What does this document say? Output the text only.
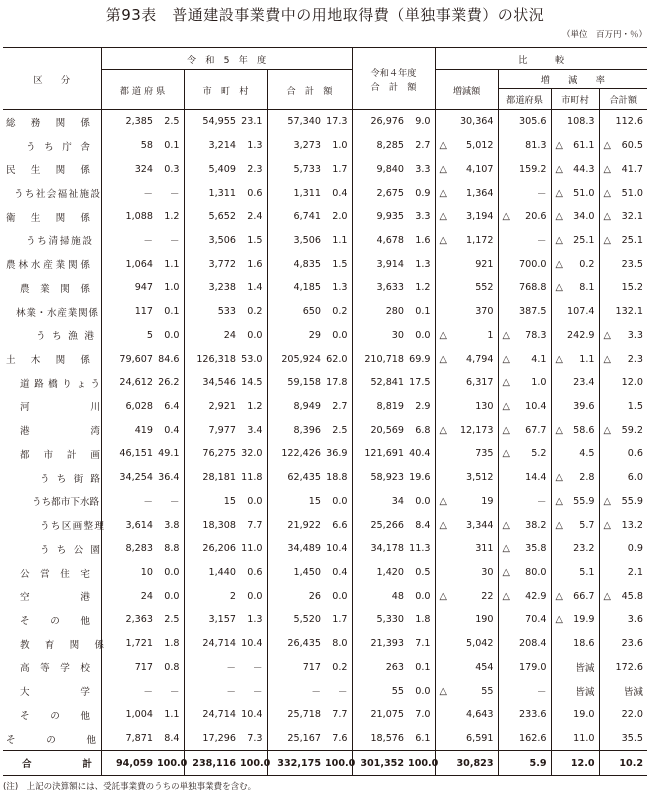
第93表　普通建設事業費中の用地取得費（単独事業費）の状況
（単位　百万円・％）
区　　分	令　和　5　年　度						令和４年度
合　計　額		比　　　較			
	都 道 府 県		市　町　村		合　計　額				増減額	増　　減　　率		
										都道府県	市町村	合計額
総　務　関　係	2,385	2.5	54,955	23.1	57,340	17.3	26,976	9.0	30,364	305.6	108.3	112.6
うち庁舎	58	0.1	3,214	1.3	3,273	1.0	8,285	2.7	△ 5,012	81.3	△ 61.1	△ 60.5
民　生　関　係	324	0.3	5,409	2.3	5,733	1.7	9,840	3.3	△ 4,107	159.2	△ 44.3	△ 41.7
うち社会福祉施設	－	－	1,311	0.6	1,311	0.4	2,675	0.9	△ 1,364	－	△ 51.0	△ 51.0
衛　生　関　係	1,088	1.2	5,652	2.4	6,741	2.0	9,935	3.3	△ 3,194	△ 20.6	△ 34.0	△ 32.1
うち清掃施設	－	－	3,506	1.5	3,506	1.1	4,678	1.6	△ 1,172	－	△ 25.1	△ 25.1
農林水産業関係	1,064	1.1	3,772	1.6	4,835	1.5	3,914	1.3	921	700.0	△ 0.2	23.5
農　業　関　係	947	1.0	3,238	1.4	4,185	1.3	3,633	1.2	552	768.8	△ 8.1	15.2
林業・水産業関係	117	0.1	533	0.2	650	0.2	280	0.1	370	387.5	107.4	132.1
うち漁港	5	0.0	24	0.0	29	0.0	30	0.0	△ 1	△ 78.3	242.9	△ 3.3
土　木　関　係	79,607	84.6	126,318	53.0	205,924	62.0	210,718	69.9	△ 4,794	△ 4.1	△ 1.1	△ 2.3
道路橋りょう	24,612	26.2	34,546	14.5	59,158	17.8	52,841	17.5	6,317	△ 1.0	23.4	12.0
河　　　川	6,028	6.4	2,921	1.2	8,949	2.7	8,819	2.9	130	△ 10.4	39.6	1.5
港　　　湾	419	0.4	7,977	3.4	8,396	2.5	20,569	6.8	△ 12,173	△ 67.7	△ 58.6	△ 59.2
都　市　計　画	46,151	49.1	76,275	32.0	122,426	36.9	121,691	40.4	735	△ 5.2	4.5	0.6
うち街路	34,254	36.4	28,181	11.8	62,435	18.8	58,923	19.6	3,512	14.4	△ 2.8	6.0
うち都市下水路	－	－	15	0.0	15	0.0	34	0.0	△ 19	－	△ 55.9	△ 55.9
うち区画整理	3,614	3.8	18,308	7.7	21,922	6.6	25,266	8.4	△ 3,344	△ 38.2	△ 5.7	△ 13.2
うち公園	8,283	8.8	26,206	11.0	34,489	10.4	34,178	11.3	311	△ 35.8	23.2	0.9
公　営　住　宅	10	0.0	1,440	0.6	1,450	0.4	1,420	0.5	30	△ 80.0	5.1	2.1
空　　　港	24	0.0	2	0.0	26	0.0	48	0.0	△ 22	△ 42.9	△ 66.7	△ 45.8
そ　の　他	2,363	2.5	3,157	1.3	5,520	1.7	5,330	1.8	190	70.4	△ 19.9	3.6
教　育　関　係	1,721	1.8	24,714	10.4	26,435	8.0	21,393	7.1	5,042	208.4	18.6	23.6
高　等　学　校	717	0.8	－	－	717	0.2	263	0.1	454	179.0	皆減	172.6
大　　　学	－	－	－	－	－	－	55	0.0	△ 55	－	皆減	皆減
そ　の　他	1,004	1.1	24,714	10.4	25,718	7.7	21,075	7.0	4,643	233.6	19.0	22.0
そ　　の　　他	7,871	8.4	17,296	7.3	25,167	7.6	18,576	6.1	6,591	162.6	11.0	35.5
合　　　計	94,059	100.0	238,116	100.0	332,175	100.0	301,352	100.0	30,823	5.9	12.0	10.2
(注)　上記の決算額には、受託事業費のうちの単独事業費を含む。
